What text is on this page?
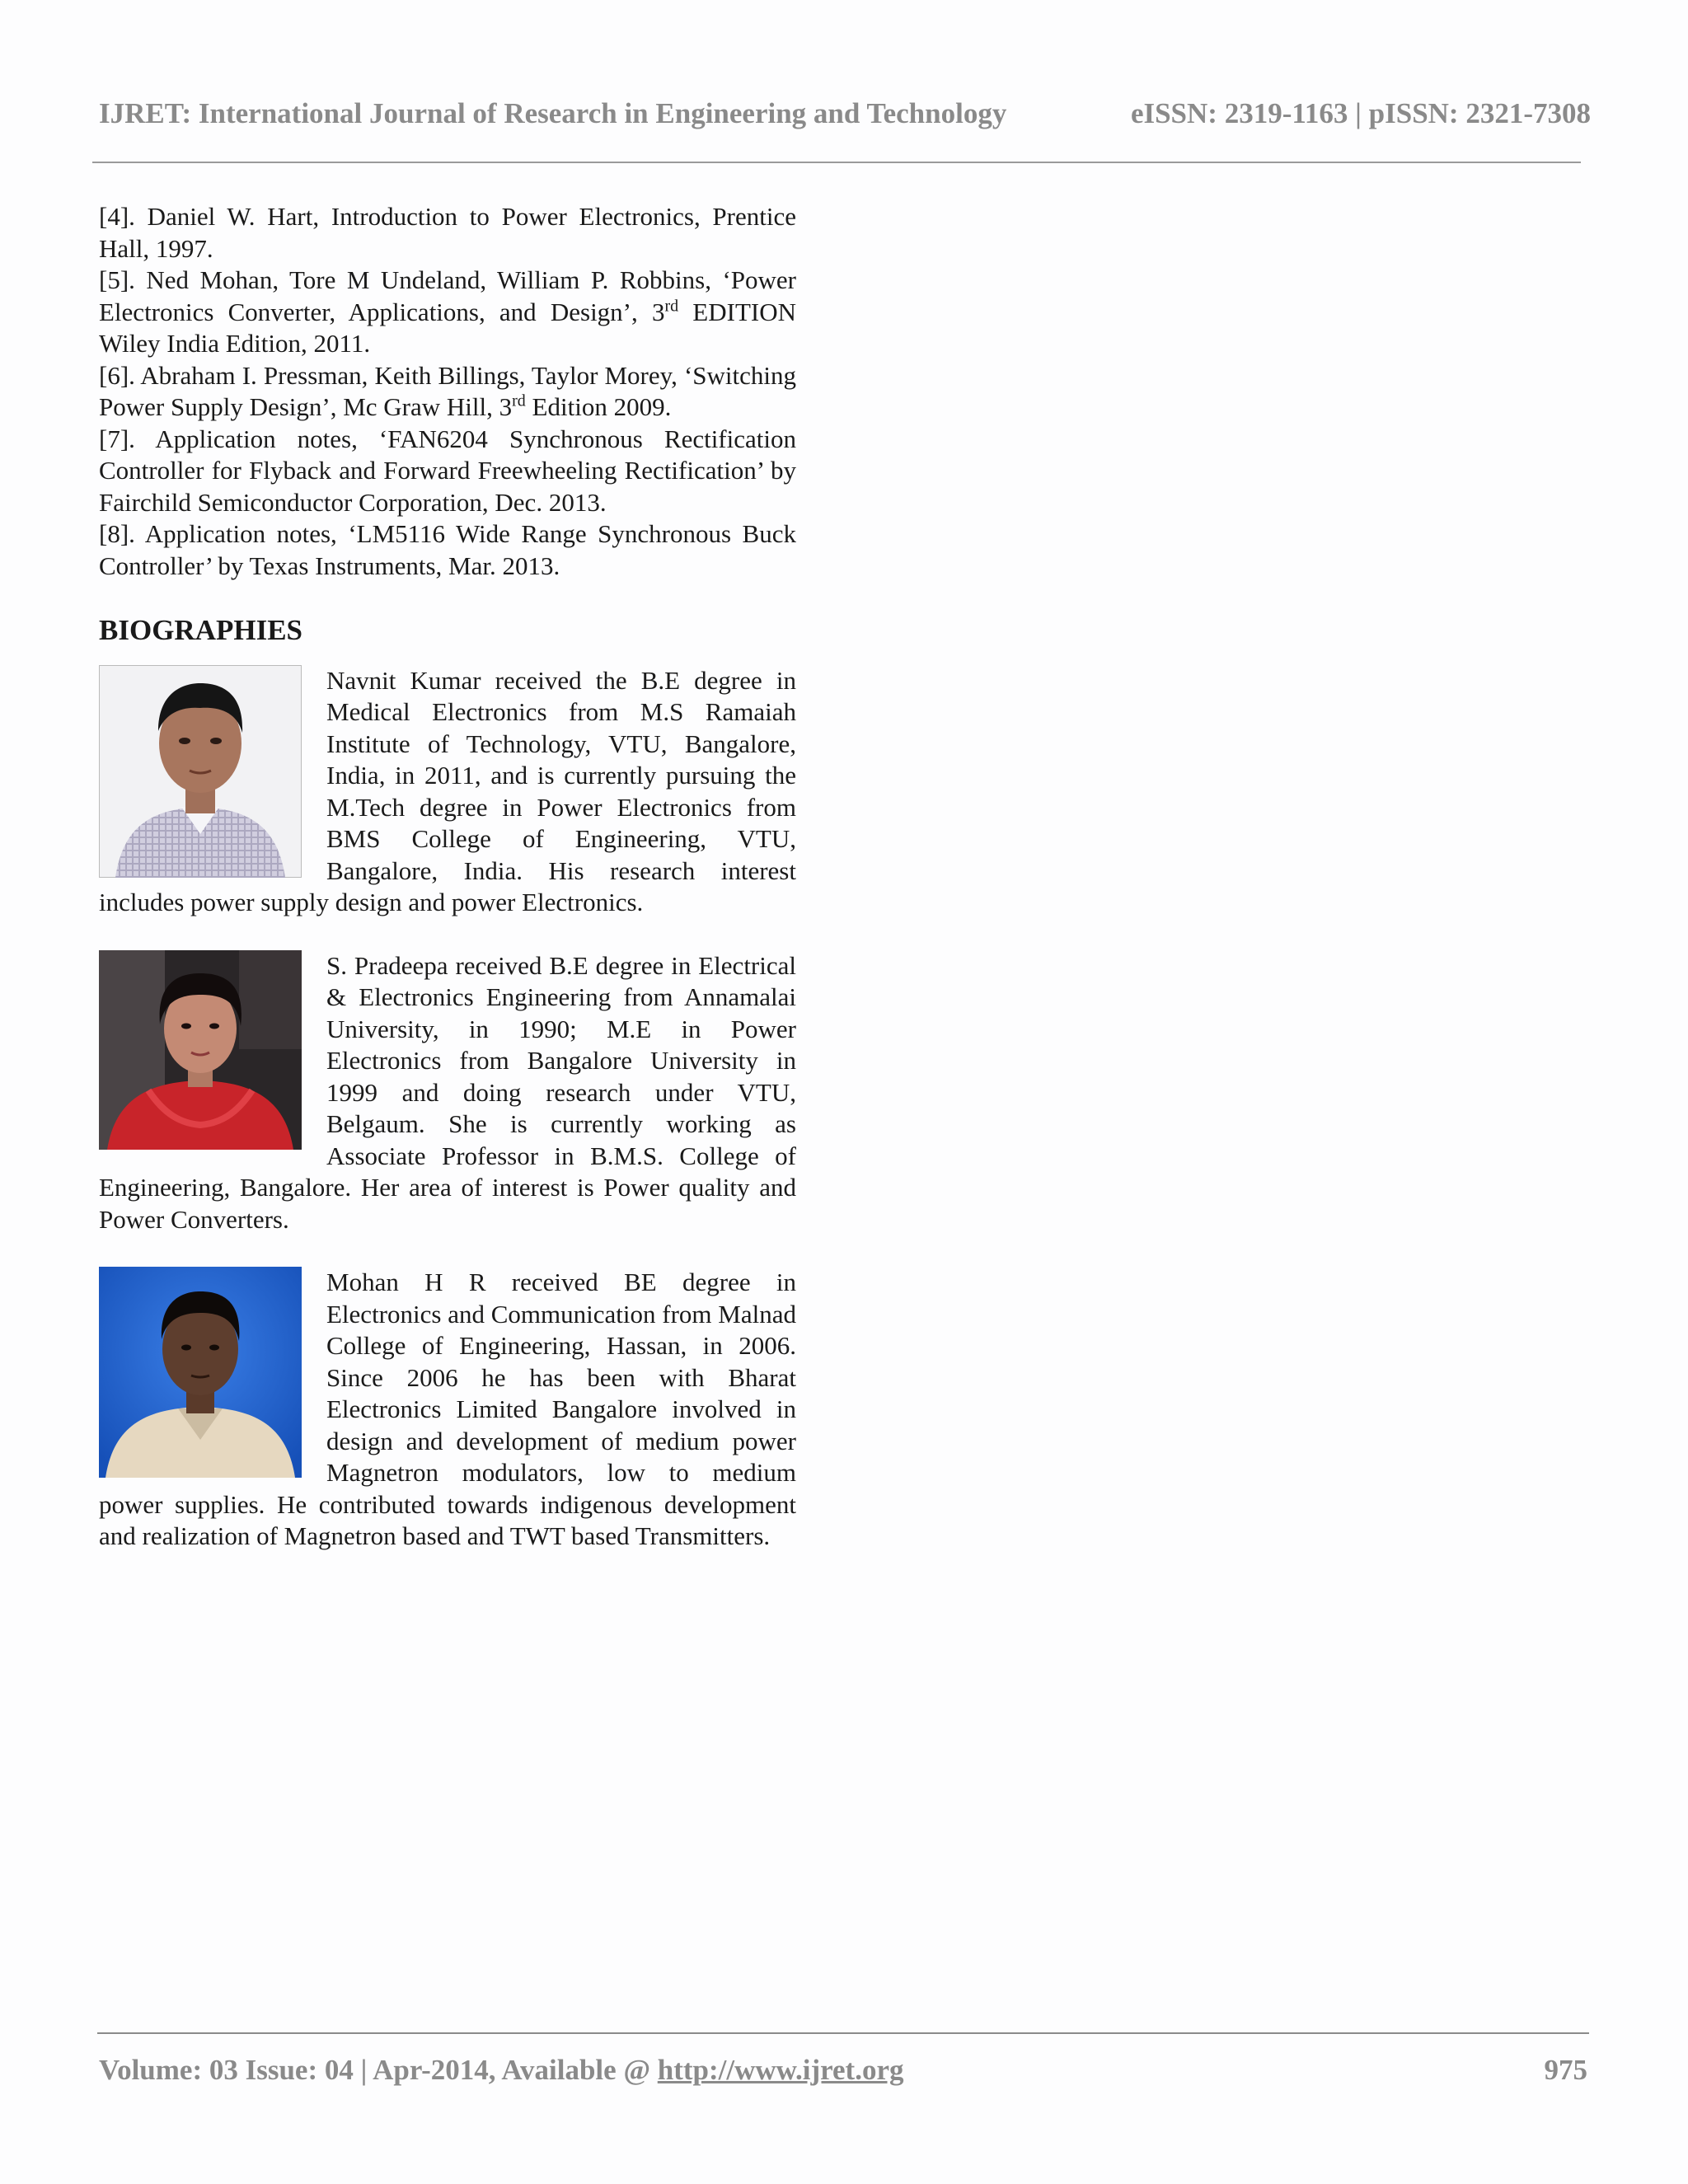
IJRET: International Journal of Research in Engineering and Technology	eISSN: 2319-1163 | pISSN: 2321-7308

[4]. Daniel W. Hart, Introduction to Power Electronics, Prentice Hall, 1997.

[5]. Ned Mohan, Tore M Undeland, William P. Robbins, ‘Power Electronics Converter, Applications, and Design’, 3rd EDITION Wiley India Edition, 2011.

[6]. Abraham I. Pressman, Keith Billings, Taylor Morey, ‘Switching Power Supply Design’, Mc Graw Hill, 3rd Edition 2009.

[7]. Application notes, ‘FAN6204 Synchronous Rectification Controller for Flyback and Forward Freewheeling Rectification’ by Fairchild Semiconductor Corporation, Dec. 2013.

[8]. Application notes, ‘LM5116 Wide Range Synchronous Buck Controller’ by Texas Instruments, Mar. 2013.

BIOGRAPHIES

Navnit Kumar received the B.E degree in Medical Electronics from M.S Ramaiah Institute of Technology, VTU, Bangalore, India, in 2011, and is currently pursuing the M.Tech degree in Power Electronics from BMS College of Engineering, VTU, Bangalore, India. His research interest includes power supply design and power Electronics.

S. Pradeepa received B.E degree in Electrical & Electronics Engineering from Annamalai University, in 1990; M.E in Power Electronics from Bangalore University in 1999 and doing research under VTU, Belgaum. She is currently working as Associate Professor in B.M.S. College of Engineering, Bangalore. Her area of interest is Power quality and Power Converters.

Mohan H R received BE degree in Electronics and Communication from Malnad College of Engineering, Hassan, in 2006. Since 2006 he has been with Bharat Electronics Limited Bangalore involved in design and development of medium power Magnetron modulators, low to medium power supplies. He contributed towards indigenous development and realization of Magnetron based and TWT based Transmitters.

Volume: 03 Issue: 04 | Apr-2014, Available @ http://www.ijret.org	975
